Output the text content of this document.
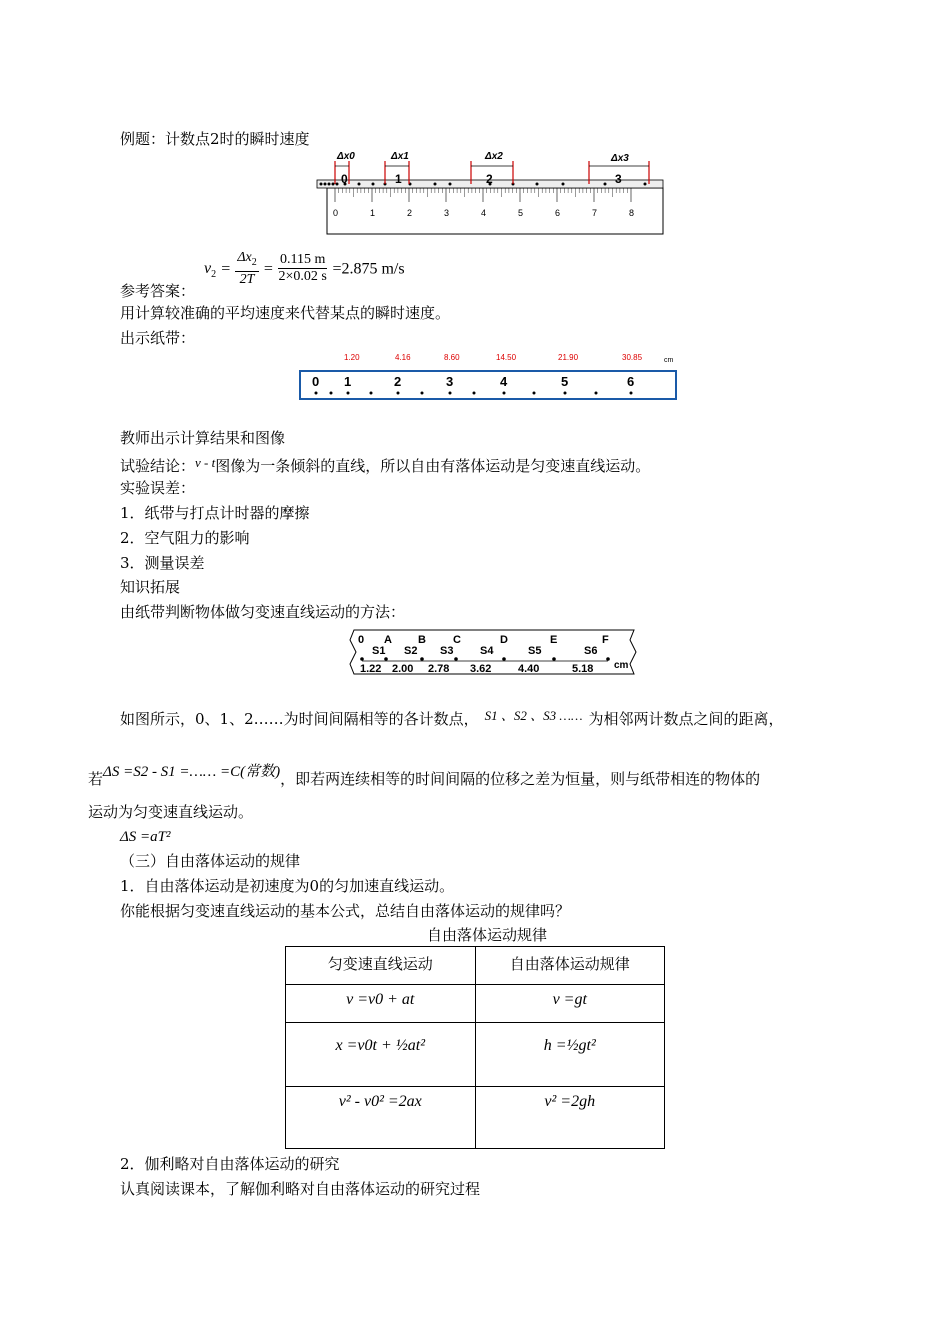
例题：计数点2时的瞬时速度
0	1	2	3	4	5	6	7	8
0	1	2	3
Δx0	Δx1	Δx2	Δx3
$v_2 = \frac{\Delta x_2}{2T} = \frac{0.115 m}{2\times 0.02 s} =2.875$ m/s
参考答案：
用计算较准确的平均速度来代替某点的瞬时速度。
出示纸带：
1.20	4.16	8.60	14.50	21.90	30.85	cm
0 1	2	3	4	5	6
教师出示计算结果和图像
试验结论：v - t图像为一条倾斜的直线，所以自由有落体运动是匀变速直线运动。
实验误差：
1．纸带与打点计时器的摩擦
2．空气阻力的影响
3．测量误差
知识拓展
由纸带判断物体做匀变速直线运动的方法：
0 A B C	D	E	F
S1 S2 S3 S4	S5	S6
1.22 2.00 2.78 3.62 4.40	5.18 cm
如图所示，0、1、2……为时间间隔相等的各计数点， S1 、S2 、S3 …… 为相邻两计数点之间的距离，
若ΔS =S2 - S1 =…… =C(常数)，即若两连续相等的时间间隔的位移之差为恒量，则与纸带相连的物体的
运动为匀变速直线运动。
ΔS =aT²
（三）自由落体运动的规律
1．自由落体运动是初速度为0的匀加速直线运动。
你能根据匀变速直线运动的基本公式，总结自由落体运动的规律吗？
自由落体运动规律
匀变速直线运动	自由落体运动规律
v =v0 + at	v =gt
x =v0t + ½at²	h =½gt²
v² - v0² =2ax	v² =2gh
2．伽利略对自由落体运动的研究
认真阅读课本，了解伽利略对自由落体运动的研究过程
